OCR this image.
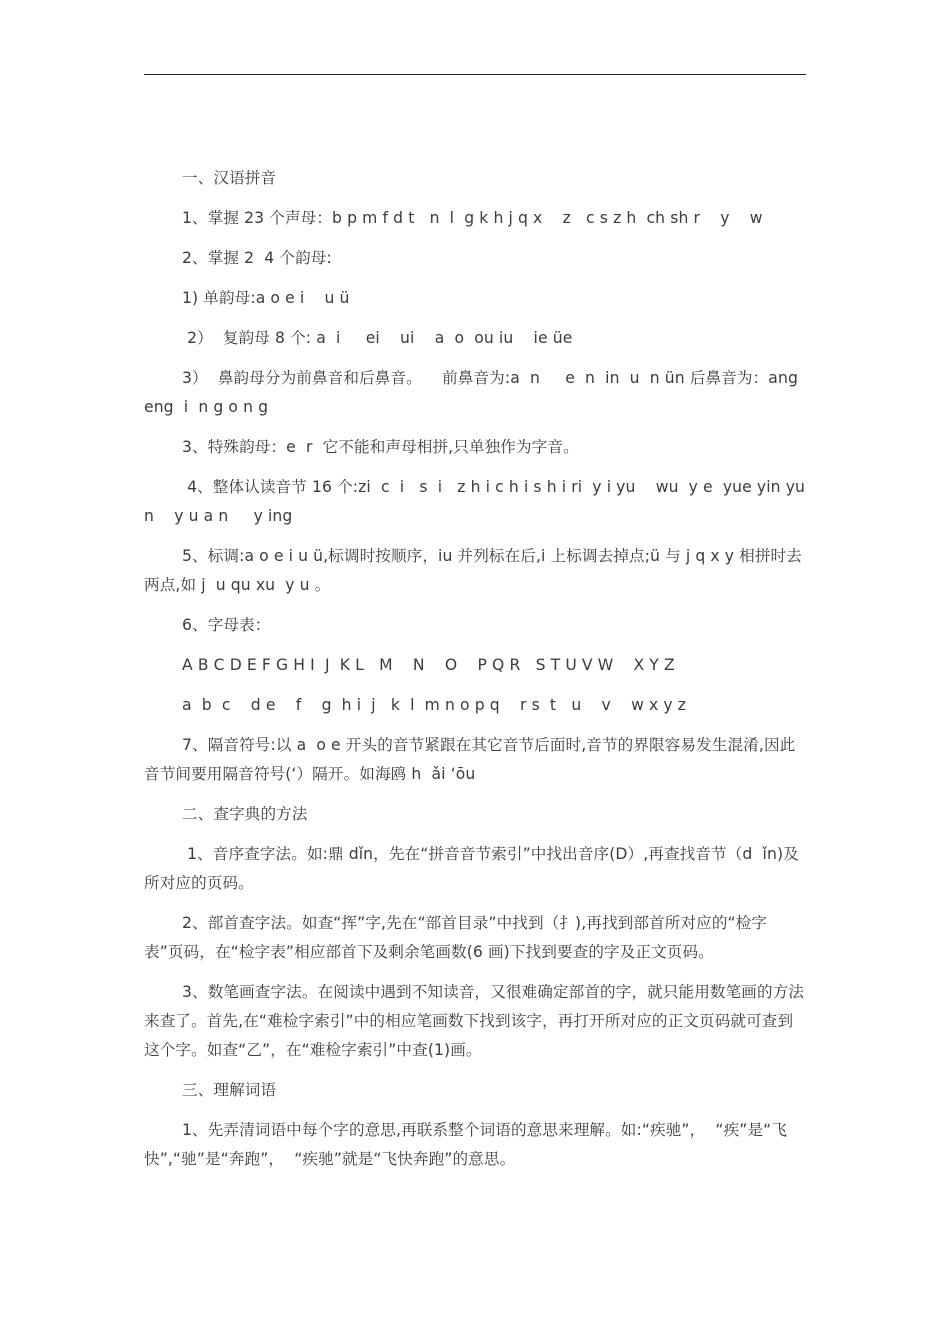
一、汉语拼音

1、掌握 23 个声母：b p m f d t   n  l  g k h j q x    z   c s z h  ch sh r    y    w

2、掌握 2  4 个韵母:

1) 单韵母:a o e i    u ü

2）  复韵母 8 个: a  i     ei    ui    a  o  ou iu    ie üe

3）  鼻韵母分为前鼻音和后鼻音。    前鼻音为:a  n     e  n  in  u  n ün 后鼻音为：ang eng  i  n g o n g

3、特殊韵母：e  r  它不能和声母相拼,只单独作为字音。

4、整体认读音节 16 个:zi  c  i   s  i   z h i c h i s h i ri  y i yu    wu  y e  yue yin yun    y u a n     y ing

5、标调:a o e i u ü,标调时按顺序，iu 并列标在后,i 上标调去掉点;ü 与 j q x y 相拼时去两点,如 j  u qu xu  y u 。

6、字母表：

A B C D E F G H I  J  K L   M    N    O    P Q R   S T U V W    X Y Z

a  b  c    d e    f    g  h i  j   k  l  m n o p q    r s  t   u    v    w x y z

7、隔音符号:以 a  o e 开头的音节紧跟在其它音节后面时,音节的界限容易发生混淆,因此音节间要用隔音符号(‘）隔开。如海鸥 h  ǎi ‘ōu

二、查字典的方法

1、音序查字法。如:鼎 dǐn，先在“拼音音节索引”中找出音序(D）,再查找音节（d  ǐn)及所对应的页码。

2、部首查字法。如查“挥”字,先在“部首目录”中找到（扌),再找到部首所对应的“检字表”页码，在“检字表”相应部首下及剩余笔画数(6 画)下找到要查的字及正文页码。

3、数笔画查字法。在阅读中遇到不知读音，又很难确定部首的字，就只能用数笔画的方法来查了。首先,在“难检字索引”中的相应笔画数下找到该字，再打开所对应的正文页码就可查到这个字。如查“乙”，在“难检字索引”中查(1)画。

三、理解词语

1、先弄清词语中每个字的意思,再联系整个词语的意思来理解。如:“疾驰”，  “疾”是“飞快”,“驰”是“奔跑”，  “疾驰”就是“飞快奔跑”的意思。
